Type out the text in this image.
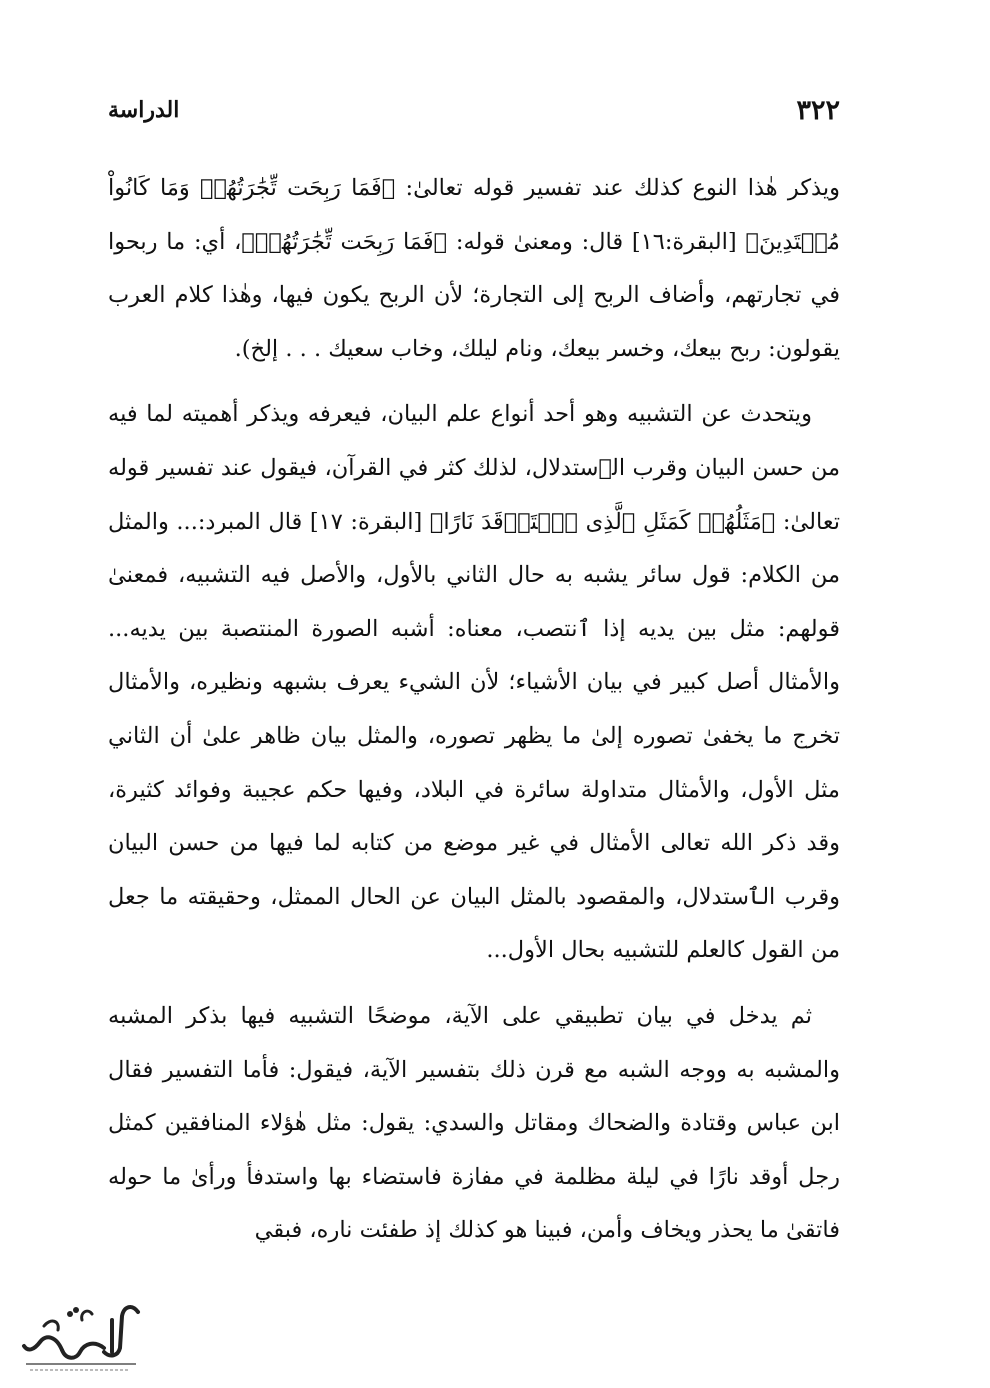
٣٢٢
الدراسة

ويذكر هٰذا النوع كذلك عند تفسير قوله تعالىٰ: ﴿فَمَا رَبِحَت تِّجَٰرَتُهُمۡ وَمَا كَانُواْ مُهۡتَدِينَ﴾ [البقرة:١٦] قال: ومعنىٰ قوله: ﴿فَمَا رَبِحَت تِّجَٰرَتُهُمۡ﴾، أي: ما ربحوا في تجارتهم، وأضاف الربح إلى التجارة؛ لأن الربح يكون فيها، وهٰذا كلام العرب يقولون: ربح بيعك، وخسر بيعك، ونام ليلك، وخاب سعيك . . . إلخ).

ويتحدث عن التشبيه وهو أحد أنواع علم البيان، فيعرفه ويذكر أهميته لما فيه من حسن البيان وقرب الٱستدلال، لذلك كثر في القرآن، فيقول عند تفسير قوله تعالىٰ: ﴿مَثَلُهُمۡ كَمَثَلِ ٱلَّذِى ٱسۡتَوۡقَدَ نَارًا﴾ [البقرة: ١٧] قال المبرد:... والمثل من الكلام: قول سائر يشبه به حال الثاني بالأول، والأصل فيه التشبيه، فمعنىٰ قولهم: مثل بين يديه إذا ٱنتصب، معناه: أشبه الصورة المنتصبة بين يديه... والأمثال أصل كبير في بيان الأشياء؛ لأن الشيء يعرف بشبهه ونظيره، والأمثال تخرج ما يخفىٰ تصوره إلىٰ ما يظهر تصوره، والمثل بيان ظاهر علىٰ أن الثاني مثل الأول، والأمثال متداولة سائرة في البلاد، وفيها حكم عجيبة وفوائد كثيرة، وقد ذكر الله تعالى الأمثال في غير موضع من كتابه لما فيها من حسن البيان وقرب الٱستدلال، والمقصود بالمثل البيان عن الحال الممثل، وحقيقته ما جعل من القول كالعلم للتشبيه بحال الأول...

ثم يدخل في بيان تطبيقي على الآية، موضحًا التشبيه فيها بذكر المشبه والمشبه به ووجه الشبه مع قرن ذلك بتفسير الآية، فيقول: فأما التفسير فقال ابن عباس وقتادة والضحاك ومقاتل والسدي: يقول: مثل هٰؤلاء المنافقين كمثل رجل أوقد نارًا في ليلة مظلمة في مفازة فاستضاء بها واستدفأ ورأىٰ ما حوله فاتقىٰ ما يحذر ويخاف وأمن، فبينا هو كذلك إذ طفئت ناره، فبقي
